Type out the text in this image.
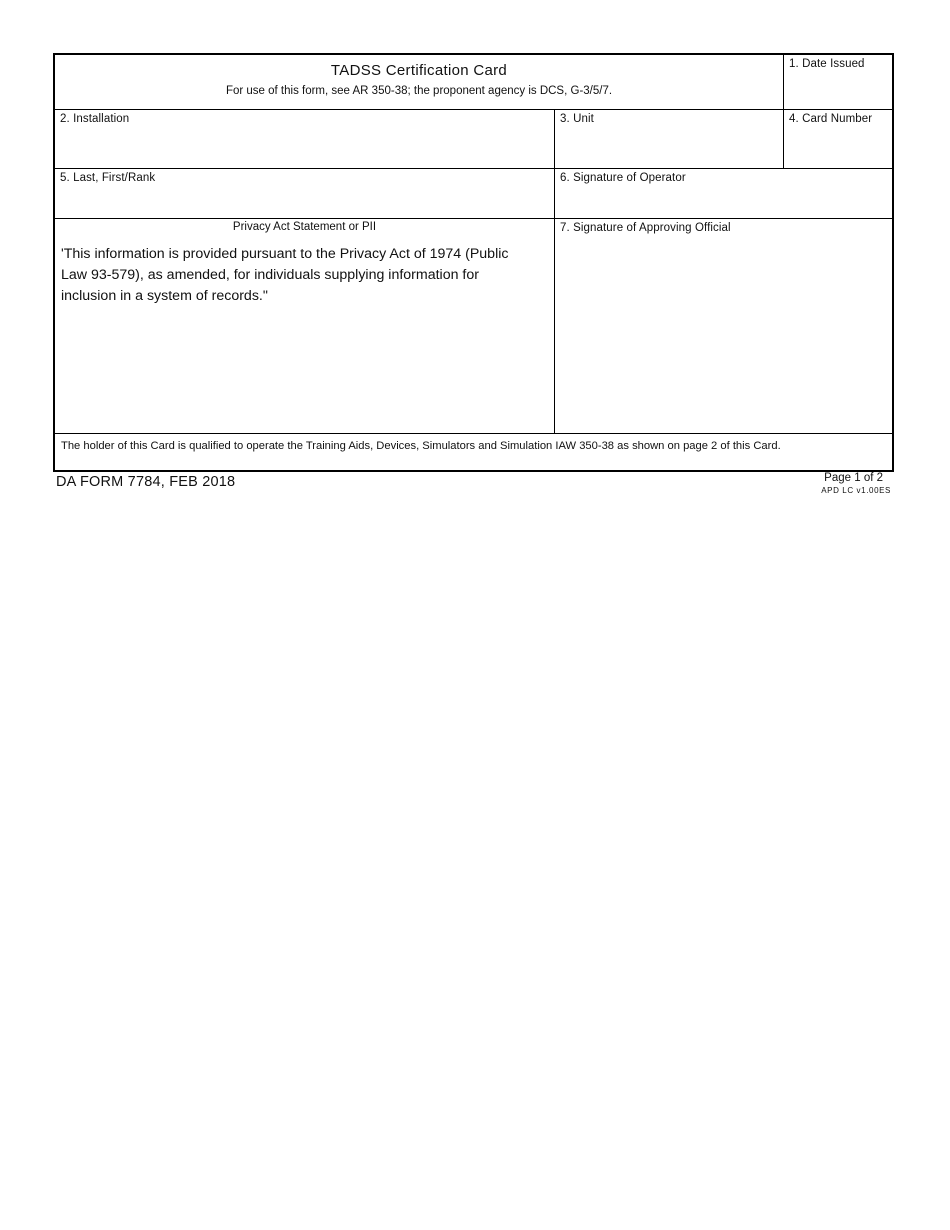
TADSS Certification Card
For use of this form, see AR 350-38; the proponent agency is DCS, G-3/5/7.
1. Date Issued
2. Installation	3. Unit	4. Card Number
5. Last, First/Rank	6. Signature of Operator
Privacy Act Statement or PII
'This information is provided pursuant to the Privacy Act of 1974 (Public Law 93-579), as amended, for individuals supplying information for inclusion in a system of records."
7. Signature of Approving Official
The holder of this Card is qualified to operate the Training Aids, Devices, Simulators and Simulation IAW 350-38 as shown on page 2 of this Card.
DA FORM 7784, FEB 2018	Page 1 of 2
APD LC v1.00ES
